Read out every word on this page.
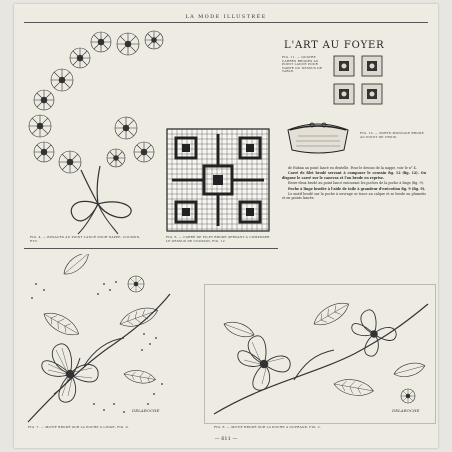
LA MODE ILLUSTRÉE
L'ART AU FOYER
FIG. 11. — QUATRE CARRÉS BRODÉS AU POINT LANCÉ POUR NAPPE OU DESSUS DE TABLE.
FIG. 13. — PORTE-MONNAIE BRODÉ AU POINT DE CROIX.

de Ruban au point lancé en dentelle. Pour le dessus de la nappe, voir le n° 4.

Carré de filet brodé servant à composer le coussin fig. 12 (fig. 12). On dispose le carré sur le canevas et l'on brode en reprise.

Entre-deux brodé au point lancé entourant les poches de la poche à linge (fig. 9).

Poche à linge brodée à l'aide de toile à grandeur d'exécution fig. 9 (fig. 9).

Le motif brodé sur la poche à ouvrage se trace au calque et se brode en plumetis et en points lancés.

FIG. 4. — ROSACES AU POINT LANCÉ POUR NAPPE, COUSSIN, ETC.
FIG. 6. — CARRÉ DE FILET BRODÉ SERVANT À COMPOSER LE DESSUS DE COUSSIN, FIG. 12.
DELAROCHE
FIG. 7. — MOTIF BRODÉ SUR LA POCHE À LINGE, FIG. 9.
DELAROCHE
FIG. 8. — MOTIF BRODÉ SUR LA POCHE À OUVRAGE, FIG. 2.
— 611 —
